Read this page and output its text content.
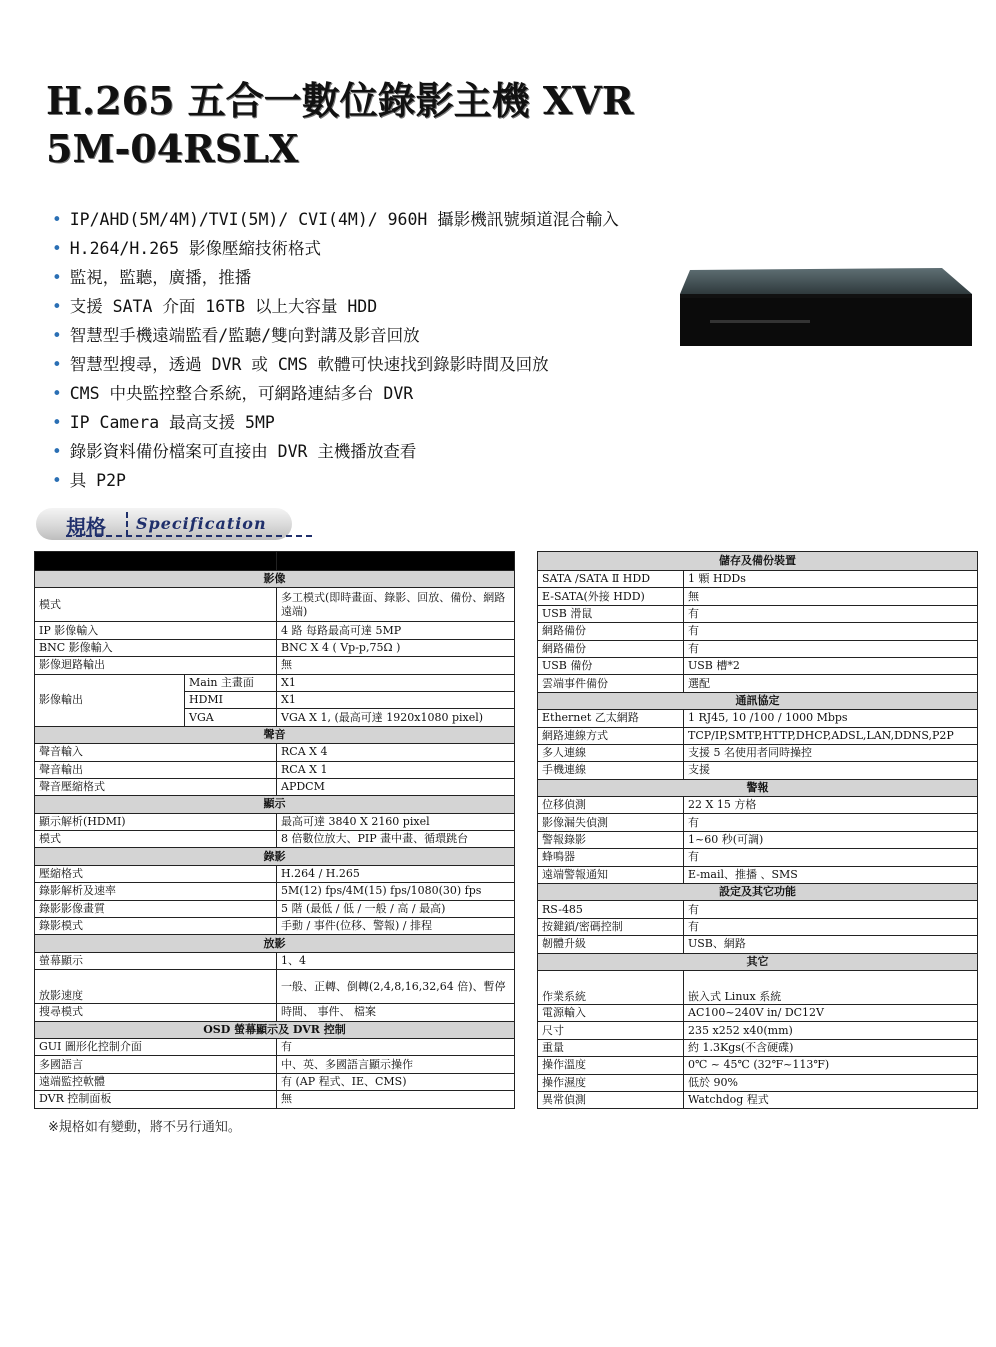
H.265 五合一數位錄影主機 XVR
5M-04RSLX
• IP/AHD(5M/4M)/TVI(5M)/ CVI(4M)/ 960H 攝影機訊號頻道混合輸入
• H.264/H.265 影像壓縮技術格式
• 監視，監聽，廣播，推播
• 支援 SATA 介面 16TB 以上大容量 HDD
• 智慧型手機遠端監看/監聽/雙向對講及影音回放
• 智慧型搜尋，透過 DVR 或 CMS 軟體可快速找到錄影時間及回放
• CMS 中央監控整合系統，可網路連結多台 DVR
• IP Camera 最高支援 5MP
• 錄影資料備份檔案可直接由 DVR 主機播放查看
• 具 P2P
規格 Specification

影像		
模式		多工模式(即時畫面、錄影、回放、備份、網路遠端)
IP 影像輸入		4 路 每路最高可達 5MP
BNC 影像輸入		BNC X 4 ( Vp-p,75Ω )
影像迴路輸出		無
影像輸出	Main 主畫面	X1
	HDMI	X1
	VGA	VGA X 1, (最高可達 1920x1080 pixel)
聲音		
聲音輸入		RCA X 4
聲音輸出		RCA X 1
聲音壓縮格式		APDCM
顯示		
顯示解析(HDMI)		最高可達 3840 X 2160 pixel
模式		8 倍數位放大、PIP 畫中畫、循環跳台
錄影		
壓縮格式		H.264 / H.265
錄影解析及速率		5M(12) fps/4M(15) fps/1080(30) fps
錄影影像畫質		5 階 (最低 / 低 / 一般 / 高 / 最高)
錄影模式		手動 / 事件(位移、警報) / 排程
放影		
螢幕顯示		1、4
放影速度		一般、正轉、倒轉(2,4,8,16,32,64 倍)、暫停
搜尋模式		時間、 事件、 檔案
OSD 螢幕顯示及 DVR 控制		
GUI 圖形化控制介面		有
多國語言		中、英、多國語言顯示操作
遠端監控軟體		有 (AP 程式、IE、CMS)
DVR 控制面板		無
儲存及備份裝置	
SATA /SATA Ⅱ HDD	1 顆 HDDs
E-SATA(外接 HDD)	無
USB 滑鼠	有
網路備份	有
網路備份	有
USB 備份	USB 槽*2
雲端事件備份	選配
通訊協定	
Ethernet 乙太網路	1 RJ45, 10 /100 / 1000 Mbps
網路連線方式	TCP/IP,SMTP,HTTP,DHCP,ADSL,LAN,DDNS,P2P
多人連線	支援 5 名使用者同時操控
手機連線	支援
警報	
位移偵測	22 X 15 方格
影像漏失偵測	有
警報錄影	1~60 秒(可調)
蜂鳴器	有
遠端警報通知	E-mail、推播 、SMS
設定及其它功能	
RS-485	有
按鍵鎖/密碼控制	有
韌體升級	USB、網路
其它	
作業系統	嵌入式 Linux 系統
電源輸入	AC100~240V in/ DC12V
尺寸	235 x252 x40(mm)
重量	約 1.3Kgs(不含硬碟)
操作溫度	0℃ ~ 45℃ (32℉~113℉)
操作濕度	低於 90%
異常偵測	Watchdog 程式
※規格如有變動，將不另行通知。
